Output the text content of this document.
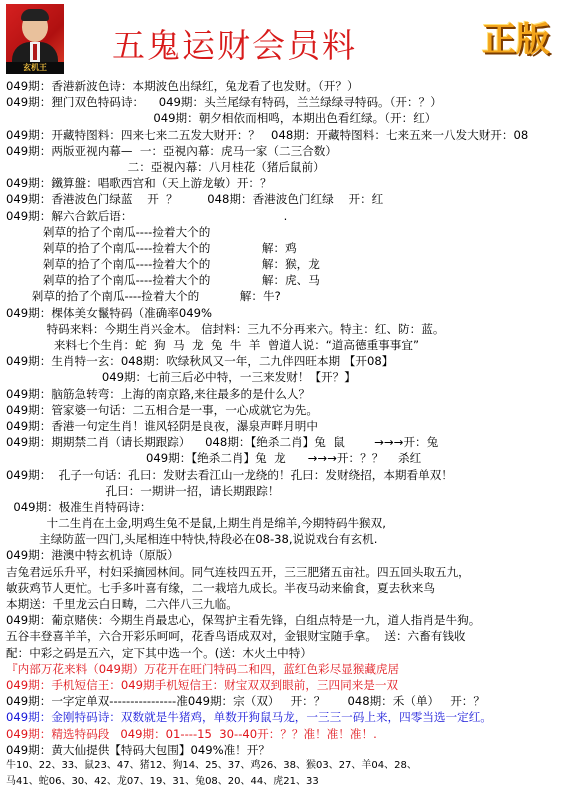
玄机王
五鬼运财会员料	正版
049期：香港新波色诗：本期波色出绿红，兔龙看了也发财。（开？）
049期：狸门双色特码诗：    049期：头兰尾绿有特码，兰兰绿绿寻特码。（开：？）
049期：朝夕相依而相鸣，本期出色看红绿。（开：红）
049期：开藏特图料：四来七来二五发大财开：？   048期：开藏特图料：七来五来一八发大财开：08
049期：两版亚视内幕—  一：亞視內幕：虎马一家（二三合数）
二：亞視內幕：八月桂花（猪后鼠前）
049期：鐵算盤：唱歌西宫和（天上游龙敏）开：？
049期：香港波色门绿蓝    开  ？        048期：香港波色门红绿    开：红
049期：解六合欽后语：                                         .
剁草的拾了个南瓜----捡着大个的
剁草的拾了个南瓜----捡着大个的              解：鸡
剁草的拾了个南瓜----捡着大个的              解：猴，龙
剁草的拾了个南瓜----捡着大个的              解：虎、马
剁草的拾了个南瓜----捡着大个的           解：牛?
049期：棵体美女鬣特码（准确率049%
特码来料：今期生肖兴金木。 信封料：三九不分再来六。特主：红、防：蓝。
来料七个生肖：蛇  狗  马  龙  兔  牛  羊  曾道人说：“道高德重事事宜”
049期：生肖特一玄：048期：吹绿秋风又一年，二九伴四旺本期 【开08】
049期：七前三后必中特，一三来发财！【开？】
049期：脑筋急转弯：上海的南京路,来往最多的是什么人？
049期：管家婆一句话：二五相合是一事，一心成就它为先。
049期：香港一句定生肖！谁风轻阴是良夜，瀑泉声畔月明中
049期：期期禁二肖（请长期跟踪）    048期：【绝杀二肖】兔  鼠        →→→开：兔
049期：【绝杀二肖】兔  龙      →→→开：？？    杀红
049期：  孔子一句话：孔曰：发财去看江山一龙绕的！孔曰：发财绕招，本期看单双！
孔曰：一期讲一招，请长期跟踪！
049期：极准生肖特码诗：
十二生肖在土金,明鸡生兔不是鼠,上期生肖是绵羊,今期特码牛猴双,
主绿防蓝一四门,头尾相连中特快,特段必在08-38,说说戏台有玄机.
049期：港澳中特玄机诗（原版）
吉兔君远乐升平，村妇采摘园林间。同气连枝四五开，三三肥猪五亩社。四五回头取五九，
敏荻鸡节人更忙。七手多叶喜有缘，二一栽培九成长。半夜马动来偷食，夏去秋来鸟
本期送：千里龙云白日畴，二六伴八三九临。
049期：葡京赌侠：今期生肖最忠心，保驾护主看先锋，白组点特是一九，道人指肖是牛狗。
五谷丰登喜羊羊，六合开彩乐呵呵，花香鸟语成双对，金银财宝随手拿。  送：六畜有钱收
配：中彩之码是五六，定下其中选一个。(送：木火土中特）
『内部万花来料（049期）万花开在旺门特码二和四，蓝红色彩尽显猴藏虎居
049期：手机短信王：049期手机短信王：财宝双双到眼前，三四同来是一双
049期：一字定单双----------------准049期：宗（双）   开：？      048期：禾（单）   开：？
049期：金刚特码诗：双数就是牛猪鸡，单数开狗鼠马龙，一三三一码上来，四零当选一定红。
049期：精选特码段   049期：01----15  30--40开：？？准！准！准！.
049期：黄大仙提供【特码大包围】049%准！开？
牛10、22、33、鼠23、47、猪12、狗14、25、37、鸡26、38、猴03、27、羊04、28、
马41、蛇06、30、42、龙07、19、31、兔08、20、44、虎21、33
